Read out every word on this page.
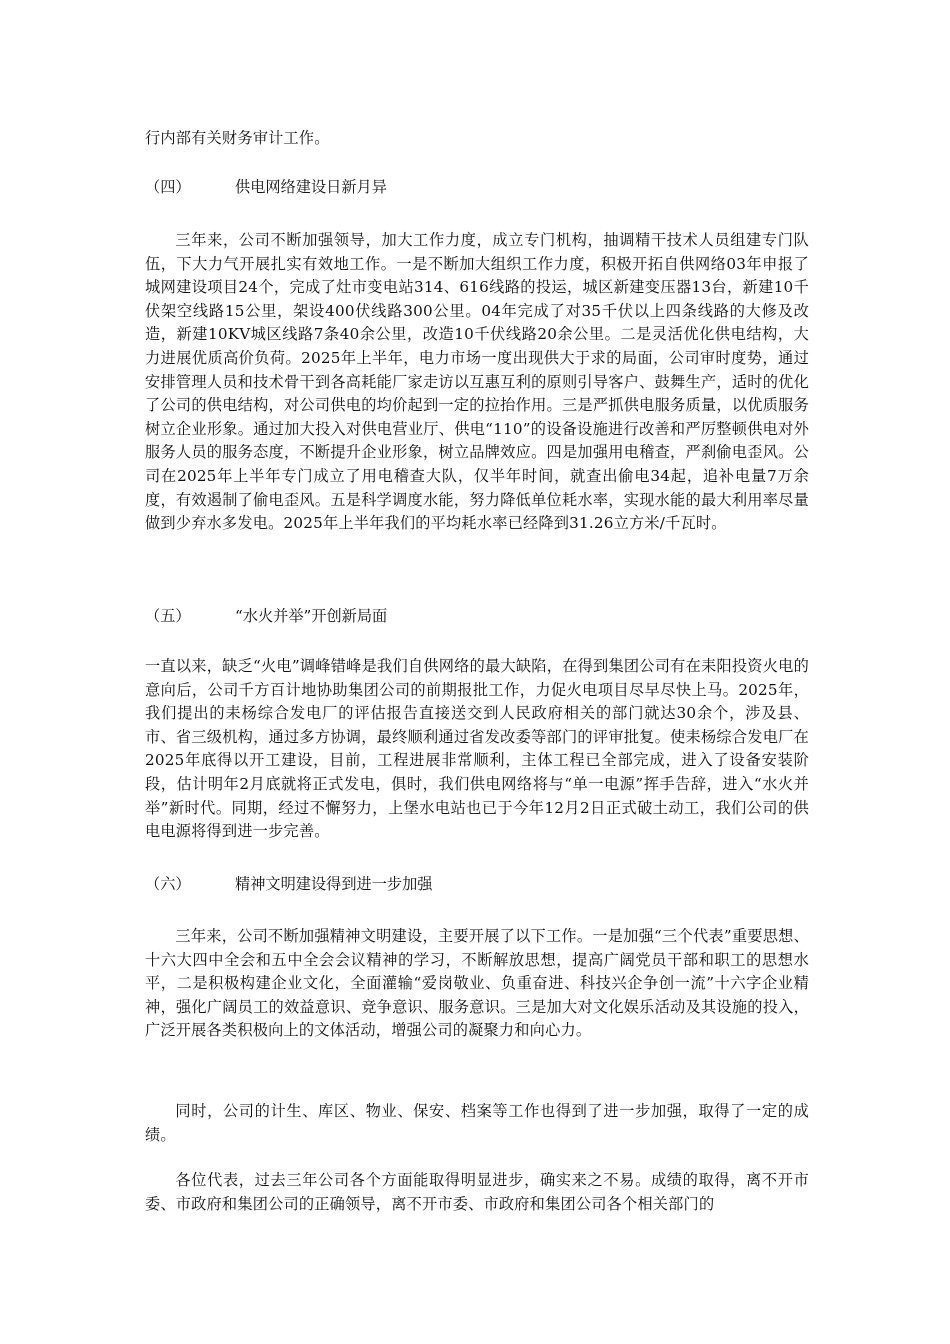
行内部有关财务审计工作。

（四）	供电网络建设日新月异

三年来，公司不断加强领导，加大工作力度，成立专门机构，抽调精干技术人员组建专门队伍，下大力气开展扎实有效地工作。一是不断加大组织工作力度，积极开拓自供网络03年申报了城网建设项目24个，完成了灶市变电站314、616线路的投运，城区新建变压器13台，新建10千伏架空线路15公里，架设400伏线路300公里。04年完成了对35千伏以上四条线路的大修及改造，新建10KV城区线路7条40余公里，改造10千伏线路20余公里。二是灵活优化供电结构，大力进展优质高价负荷。2025年上半年，电力市场一度出现供大于求的局面，公司审时度势，通过安排管理人员和技术骨干到各高耗能厂家走访以互惠互利的原则引导客户、鼓舞生产，适时的优化了公司的供电结构，对公司供电的均价起到一定的拉抬作用。三是严抓供电服务质量，以优质服务树立企业形象。通过加大投入对供电营业厅、供电“110”的设备设施进行改善和严厉整顿供电对外服务人员的服务态度，不断提升企业形象，树立品牌效应。四是加强用电稽查，严刹偷电歪风。公司在2025年上半年专门成立了用电稽查大队，仅半年时间，就查出偷电34起，追补电量7万余度，有效遏制了偷电歪风。五是科学调度水能，努力降低单位耗水率，实现水能的最大利用率尽量做到少弃水多发电。2025年上半年我们的平均耗水率已经降到31.26立方米/千瓦时。

（五）	“水火并举”开创新局面

一直以来，缺乏“火电”调峰错峰是我们自供网络的最大缺陷，在得到集团公司有在耒阳投资火电的意向后，公司千方百计地协助集团公司的前期报批工作，力促火电项目尽早尽快上马。2025年，我们提出的耒杨综合发电厂的评估报告直接送交到人民政府相关的部门就达30余个，涉及县、市、省三级机构，通过多方协调，最终顺利通过省发改委等部门的评审批复。使耒杨综合发电厂在2025年底得以开工建设，目前，工程进展非常顺利，主体工程已全部完成，进入了设备安装阶段，估计明年2月底就将正式发电，俱时，我们供电网络将与“单一电源”挥手告辞，进入“水火并举”新时代。同期，经过不懈努力，上堡水电站也已于今年12月2日正式破土动工，我们公司的供电电源将得到进一步完善。

（六）	精神文明建设得到进一步加强

三年来，公司不断加强精神文明建设，主要开展了以下工作。一是加强“三个代表”重要思想、十六大四中全会和五中全会会议精神的学习，不断解放思想，提高广阔党员干部和职工的思想水平，二是积极构建企业文化，全面灌输“爱岗敬业、负重奋进、科技兴企争创一流”十六字企业精神，强化广阔员工的效益意识、竞争意识、服务意识。三是加大对文化娱乐活动及其设施的投入，广泛开展各类积极向上的文体活动，增强公司的凝聚力和向心力。

同时，公司的计生、库区、物业、保安、档案等工作也得到了进一步加强，取得了一定的成绩。

各位代表，过去三年公司各个方面能取得明显进步，确实来之不易。成绩的取得，离不开市委、市政府和集团公司的正确领导，离不开市委、市政府和集团公司各个相关部门的
